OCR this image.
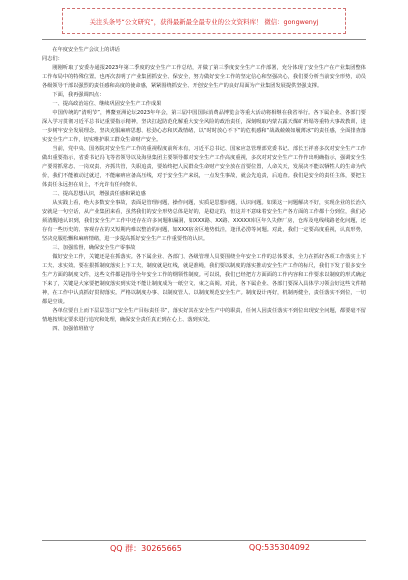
关注头条号“公文研究”，获得最新最全最专业的公文资料库！ 微信：gongwenyj

在年度安全生产会议上的讲话

同志们：

刚刚听取了安委办通报2023年第二季度的安全生产工作总结，并做了第三季度安全生产工作部署，充分体现了安全生产在产业集团整体工作布局中的特殊位置。也再次表明了产业集团抓安全、保安全，努力做好安全工作的坚定信心和坚强决心，我们要分析当前安全形势，动员各级领导干部以强烈的责任感和高度的使命感，紧紧围绕抓安全、开创安全生产的良好局面为产业集团发展提供坚强支撑。

下面，我再强调四点：

一、提高政治站位、继续巩固安全生产工作成果

中国传统的“清明节”，博鳌亚洲论坛2023年年会，第三届中国国际消费品博览会等重大活动将相继在我省举行。各下属企业、各部门要深入学习贯彻习近平总书记重要指示精神，坚决扛起防范化解重大安全风险的政治责任，深刻吸取内蒙古露天煤矿坍塌等重特大事故教训，进一步树牢安全发展理念，坚决克服麻痹思想、松劲心态和厌战情绪，以“时时放心不下”的危机感和“战战兢兢如履薄冰”的责任感，全面排查落实安全生产工作，切实维护职工群众生命财产安全。

当前，党中央、国务院对安全生产工作的重视程度前所未有，习近平总书记、国家应急管理部党委书记、部长王祥喜多次对安全生产工作做出重要指示，省委书记冯飞等省领导以及海垦集团主要领导都对安全生产工作高度重视，多次对对安全生产工作作出明确指示，强调安全生产要常抓常态、一岗双责、齐抓共管，失职追责，要始终把人民群众生命财产安全放在首要位置，人命关天，发展决不能以牺牲人的生命为代价，我们不能被动过就过，不能麻痹应备高压线，对于安全生产来说，一点发生事故，就会先追责，后追查。我们是安全的责任主体，要把主体责任永远担在肩上，不允许有任何侥幸。

二、提高思想认识，增强责任感和紧迫感

从实践上看，绝大多数安全事故，表面是管理问题，操作问题，实质是思想问题，认识问题。如果这一问题解决不好，实现企业的长治久安就是一句空话，从产业集团来看，虽然我们的安全形势总体是好的，是稳定的，但这并不意味着安全生产各方面的工作都十分到位，我们必须清醒地认识到，我们安全生产工作中还存在许多问题和漏洞，如XXX路、XX路、XXXXX库区年久失修厂房，仓库及电线线路老化问题，还存有一些历史的、客观存在的又短期内难以整治的问题，如XXX宿舍区地势低洼，逢汛必涝等问题。对此，我们一定要高度重视，认真形势，坚决克服松懈和麻痹情绪，进一步提高抓好安全生产工作重要性的认识。

三、加强监督，确保安全生产零事故

做好安全工作，关键还是在抓落实。各下属企业、各部门、各级管理人员要围绕全年安全工作的总体要求，全力在抓好各项工作落实上下工夫、求实效。要在狠抓制度落实上下工夫，制度就是红线，就是准绳，我们要以制度的落实推动安全生产工作的标尺，我们下发了很多安全生产方面的制度文件，这些文件都是指导全年安全工作的纲领性制度。可以说，我们已经把方方面面的工作内容和工作要求以制度的形式确定下来了，关键是大家要把制度落实到实处不能让制度成为一纸空文、束之高阁。对此，各下属企业、各部门要深入具体学习领会好这些文件精神，在工作中认真抓好贯彻落实。严格以制度办事、以制度管人、以制度规范安全生产。制度设计再好，机制再健全，责任落实不到位，一切都是空谈。

各单位要自上而下层层签订“安全生产目标责任书”，落实好其在安全生产中的职责，任何人因责任落实不到位出现安全问题，都要毫不留情地按规定要求进行追究和处理，确保安全责任真正到在心上、落到实处。

四、加强值班值守

QQ 群：30265665	QQ:535304092
